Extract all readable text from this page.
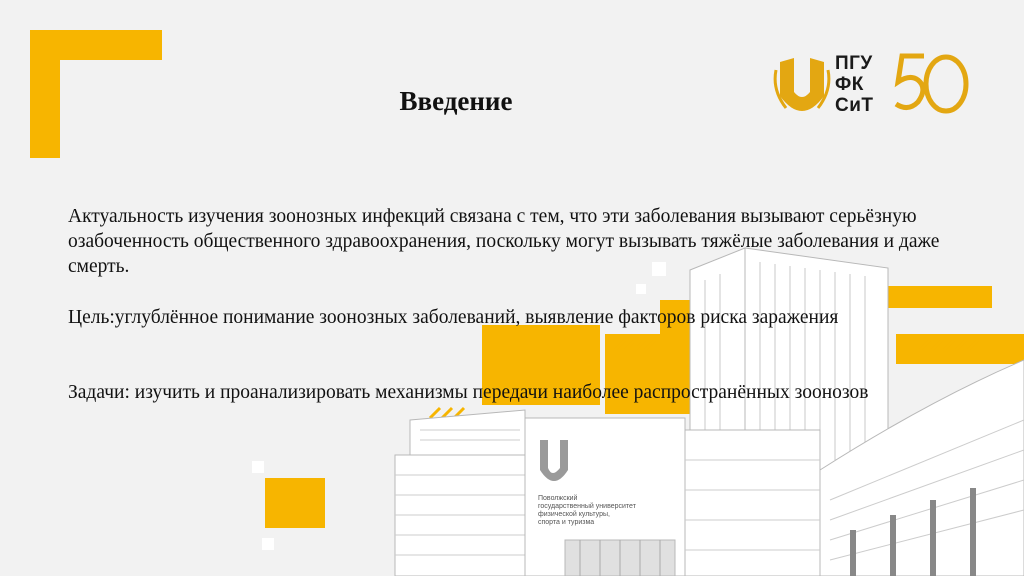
Поволжский
государственный университет
физической культуры,
спорта и туризма
Введение
ПГУ
ФК
СиТ
Актуальность изучения зоонозных инфекций связана с тем, что эти заболевания вызывают серьёзную озабоченность общественного здравоохранения, поскольку могут вызывать тяжёлые заболевания и даже смерть.
Цель:углублённое понимание зоонозных заболеваний, выявление факторов риска заражения
Задачи: изучить и проанализировать механизмы передачи наиболее распространённых зоонозов
